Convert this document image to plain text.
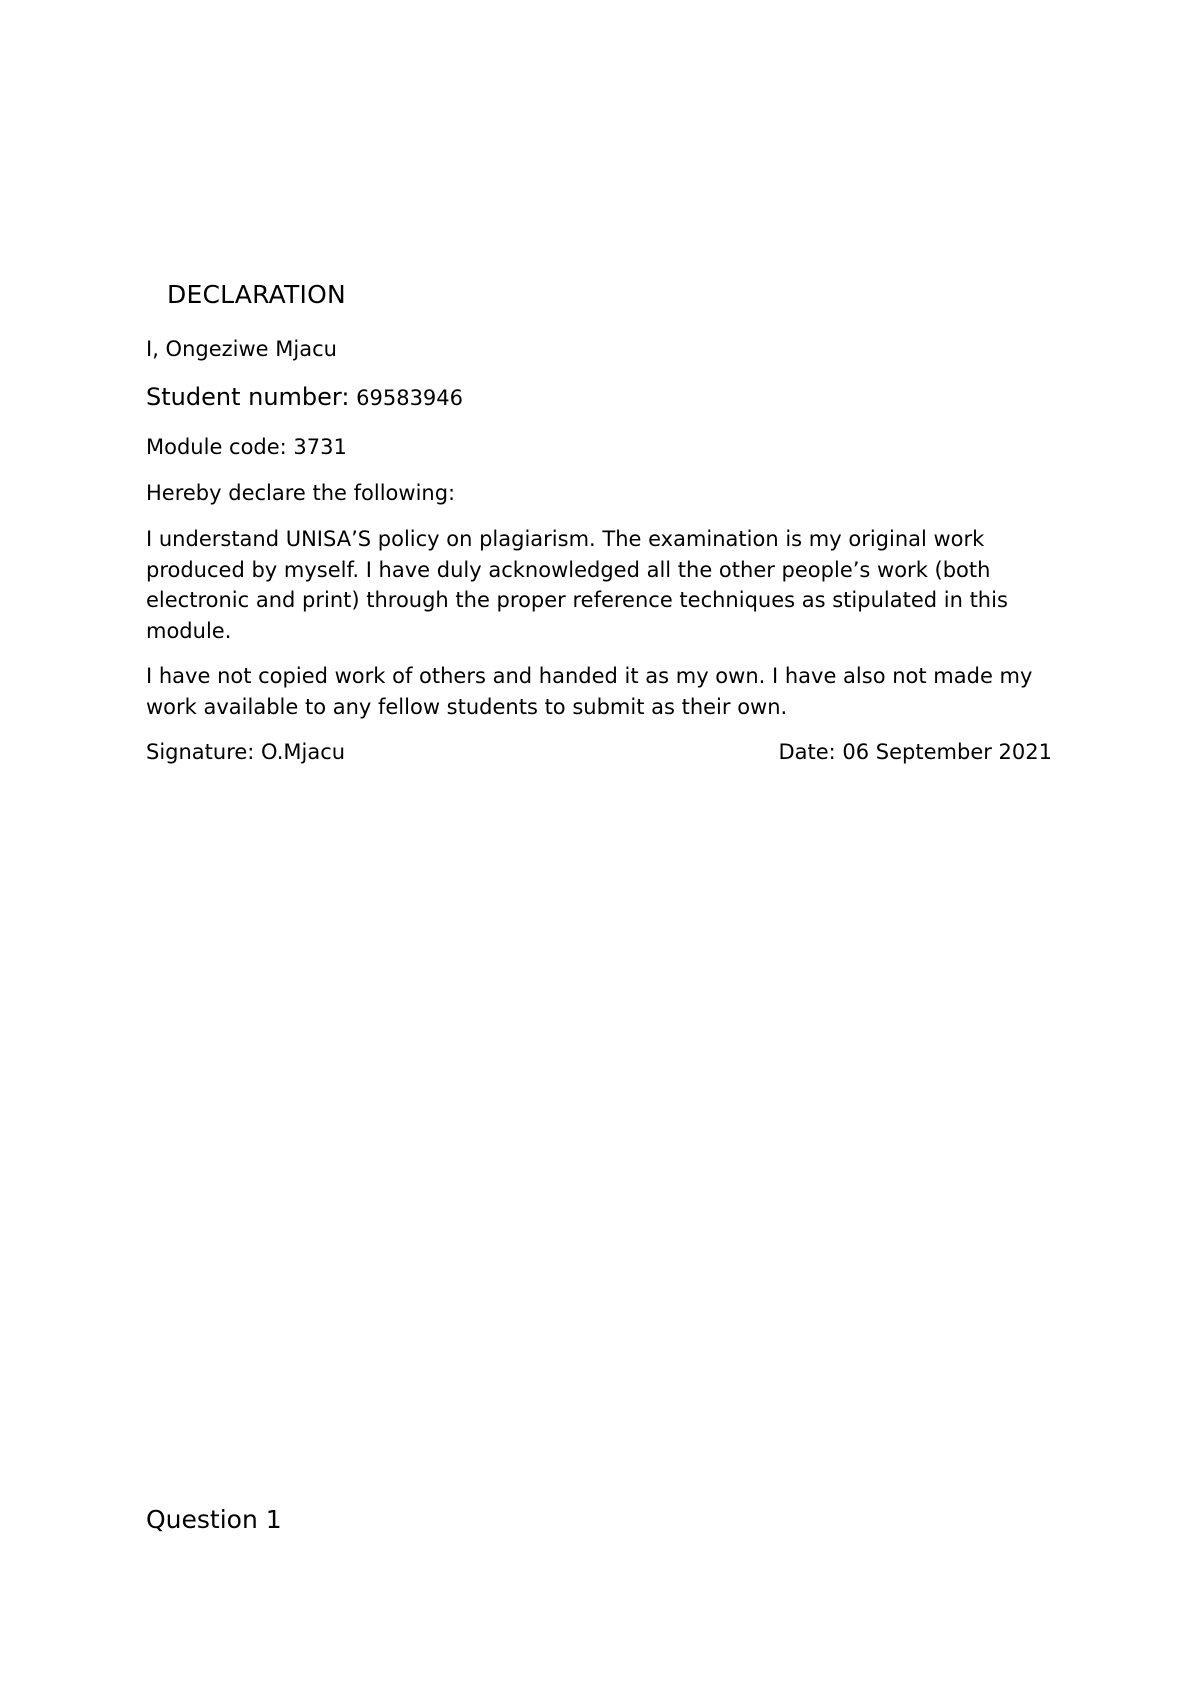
DECLARATION

I, Ongeziwe Mjacu

Student number: 69583946

Module code: 3731

Hereby declare the following:

I understand UNISA’S policy on plagiarism. The examination is my original work produced by myself. I have duly acknowledged all the other people’s work (both electronic and print) through the proper reference techniques as stipulated in this module.

I have not copied work of others and handed it as my own. I have also not made my work available to any fellow students to submit as their own.

Signature: O.Mjacu	Date: 06 September 2021
Question 1
